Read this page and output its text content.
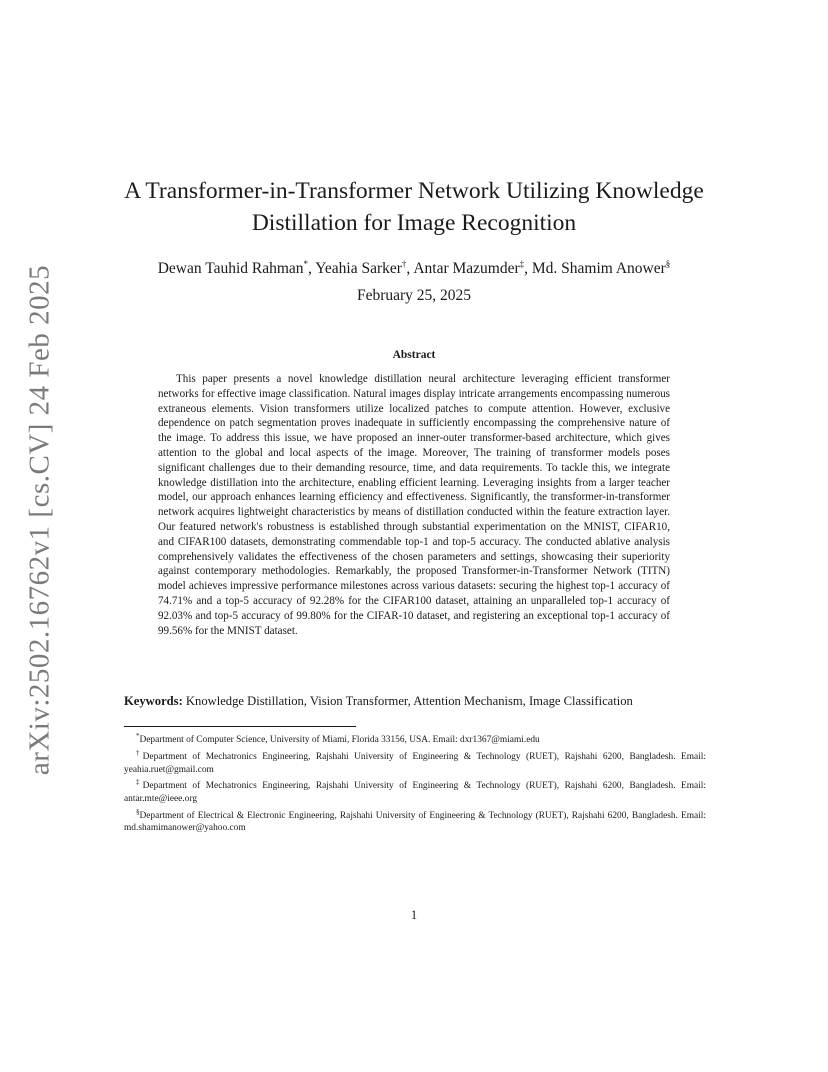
arXiv:2502.16762v1 [cs.CV] 24 Feb 2025
A Transformer-in-Transformer Network Utilizing Knowledge Distillation for Image Recognition
Dewan Tauhid Rahman*, Yeahia Sarker†, Antar Mazumder‡, Md. Shamim Anower§
February 25, 2025
Abstract

This paper presents a novel knowledge distillation neural architecture leveraging efficient transformer networks for effective image classification. Natural images display intricate arrangements encompassing numerous extraneous elements. Vision transformers utilize localized patches to compute attention. However, exclusive dependence on patch segmentation proves inadequate in sufficiently encompassing the comprehensive nature of the image. To address this issue, we have proposed an inner-outer transformer-based architecture, which gives attention to the global and local aspects of the image. Moreover, The training of transformer models poses significant challenges due to their demanding resource, time, and data requirements. To tackle this, we integrate knowledge distillation into the architecture, enabling efficient learning. Leveraging insights from a larger teacher model, our approach enhances learning efficiency and effectiveness. Significantly, the transformer-in-transformer network acquires lightweight characteristics by means of distillation conducted within the feature extraction layer. Our featured network's robustness is established through substantial experimentation on the MNIST, CIFAR10, and CIFAR100 datasets, demonstrating commendable top-1 and top-5 accuracy. The conducted ablative analysis comprehensively validates the effectiveness of the chosen parameters and settings, showcasing their superiority against contemporary methodologies. Remarkably, the proposed Transformer-in-Transformer Network (TITN) model achieves impressive performance milestones across various datasets: securing the highest top-1 accuracy of 74.71% and a top-5 accuracy of 92.28% for the CIFAR100 dataset, attaining an unparalleled top-1 accuracy of 92.03% and top-5 accuracy of 99.80% for the CIFAR-10 dataset, and registering an exceptional top-1 accuracy of 99.56% for the MNIST dataset.

Keywords: Knowledge Distillation, Vision Transformer, Attention Mechanism, Image Classification

*Department of Computer Science, University of Miami, Florida 33156, USA. Email: dxr1367@miami.edu

†Department of Mechatronics Engineering, Rajshahi University of Engineering & Technology (RUET), Rajshahi 6200, Bangladesh. Email: yeahia.ruet@gmail.com

‡Department of Mechatronics Engineering, Rajshahi University of Engineering & Technology (RUET), Rajshahi 6200, Bangladesh. Email: antar.mte@ieee.org

§Department of Electrical & Electronic Engineering, Rajshahi University of Engineering & Technology (RUET), Rajshahi 6200, Bangladesh. Email: md.shamimanower@yahoo.com

1
